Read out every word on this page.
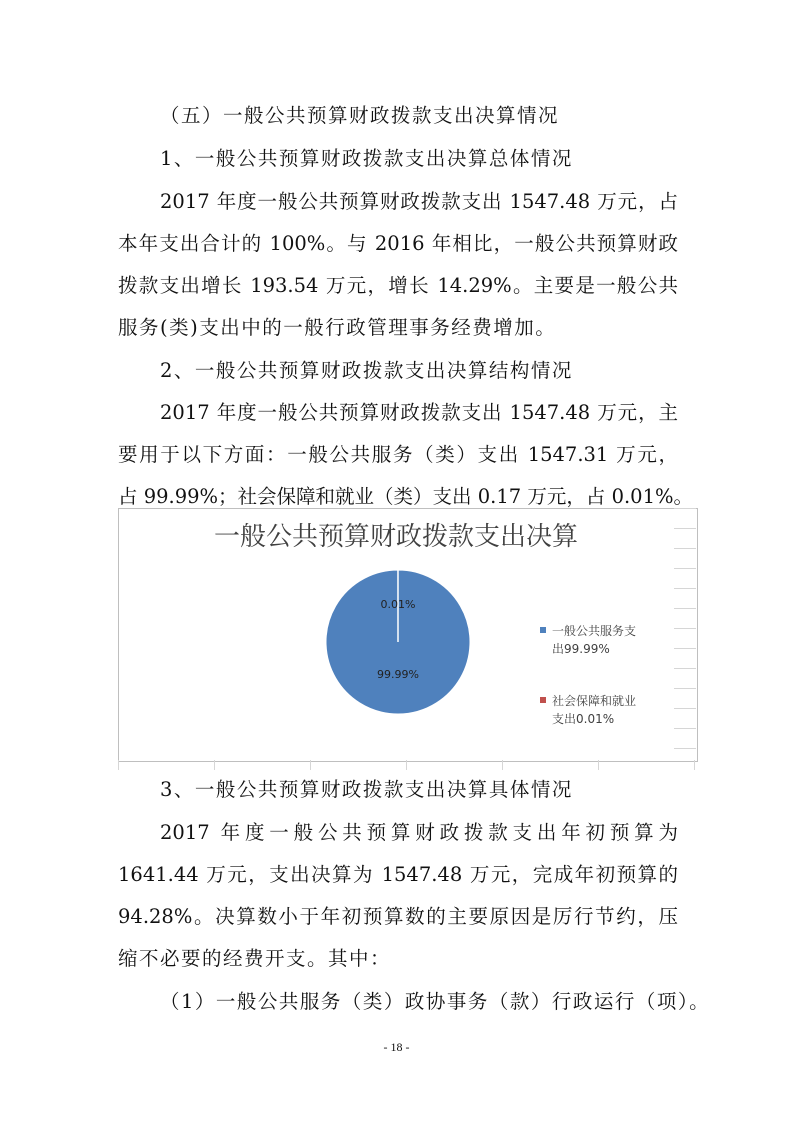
（五）一般公共预算财政拨款支出决算情况
1、一般公共预算财政拨款支出决算总体情况
2017 年度一般公共预算财政拨款支出 1547.48 万元，占
本年支出合计的 100%。与 2016 年相比，一般公共预算财政
拨款支出增长 193.54 万元，增长 14.29%。主要是一般公共
服务(类)支出中的一般行政管理事务经费增加。
2、一般公共预算财政拨款支出决算结构情况
2017 年度一般公共预算财政拨款支出 1547.48 万元，主
要用于以下方面：一般公共服务（类）支出 1547.31 万元，
占 99.99%；社会保障和就业（类）支出 0.17 万元，占 0.01%。
一般公共预算财政拨款支出决算
99.99%
0.01%
一般公共服务支
出99.99%
社会保障和就业
支出0.01%
3、一般公共预算财政拨款支出决算具体情况
2017 年度一般公共预算财政拨款支出年初预算为
1641.44 万元，支出决算为 1547.48 万元，完成年初预算的
94.28%。决算数小于年初预算数的主要原因是厉行节约，压
缩不必要的经费开支。其中：
（1）一般公共服务（类）政协事务（款）行政运行（项）。
- 18 -
